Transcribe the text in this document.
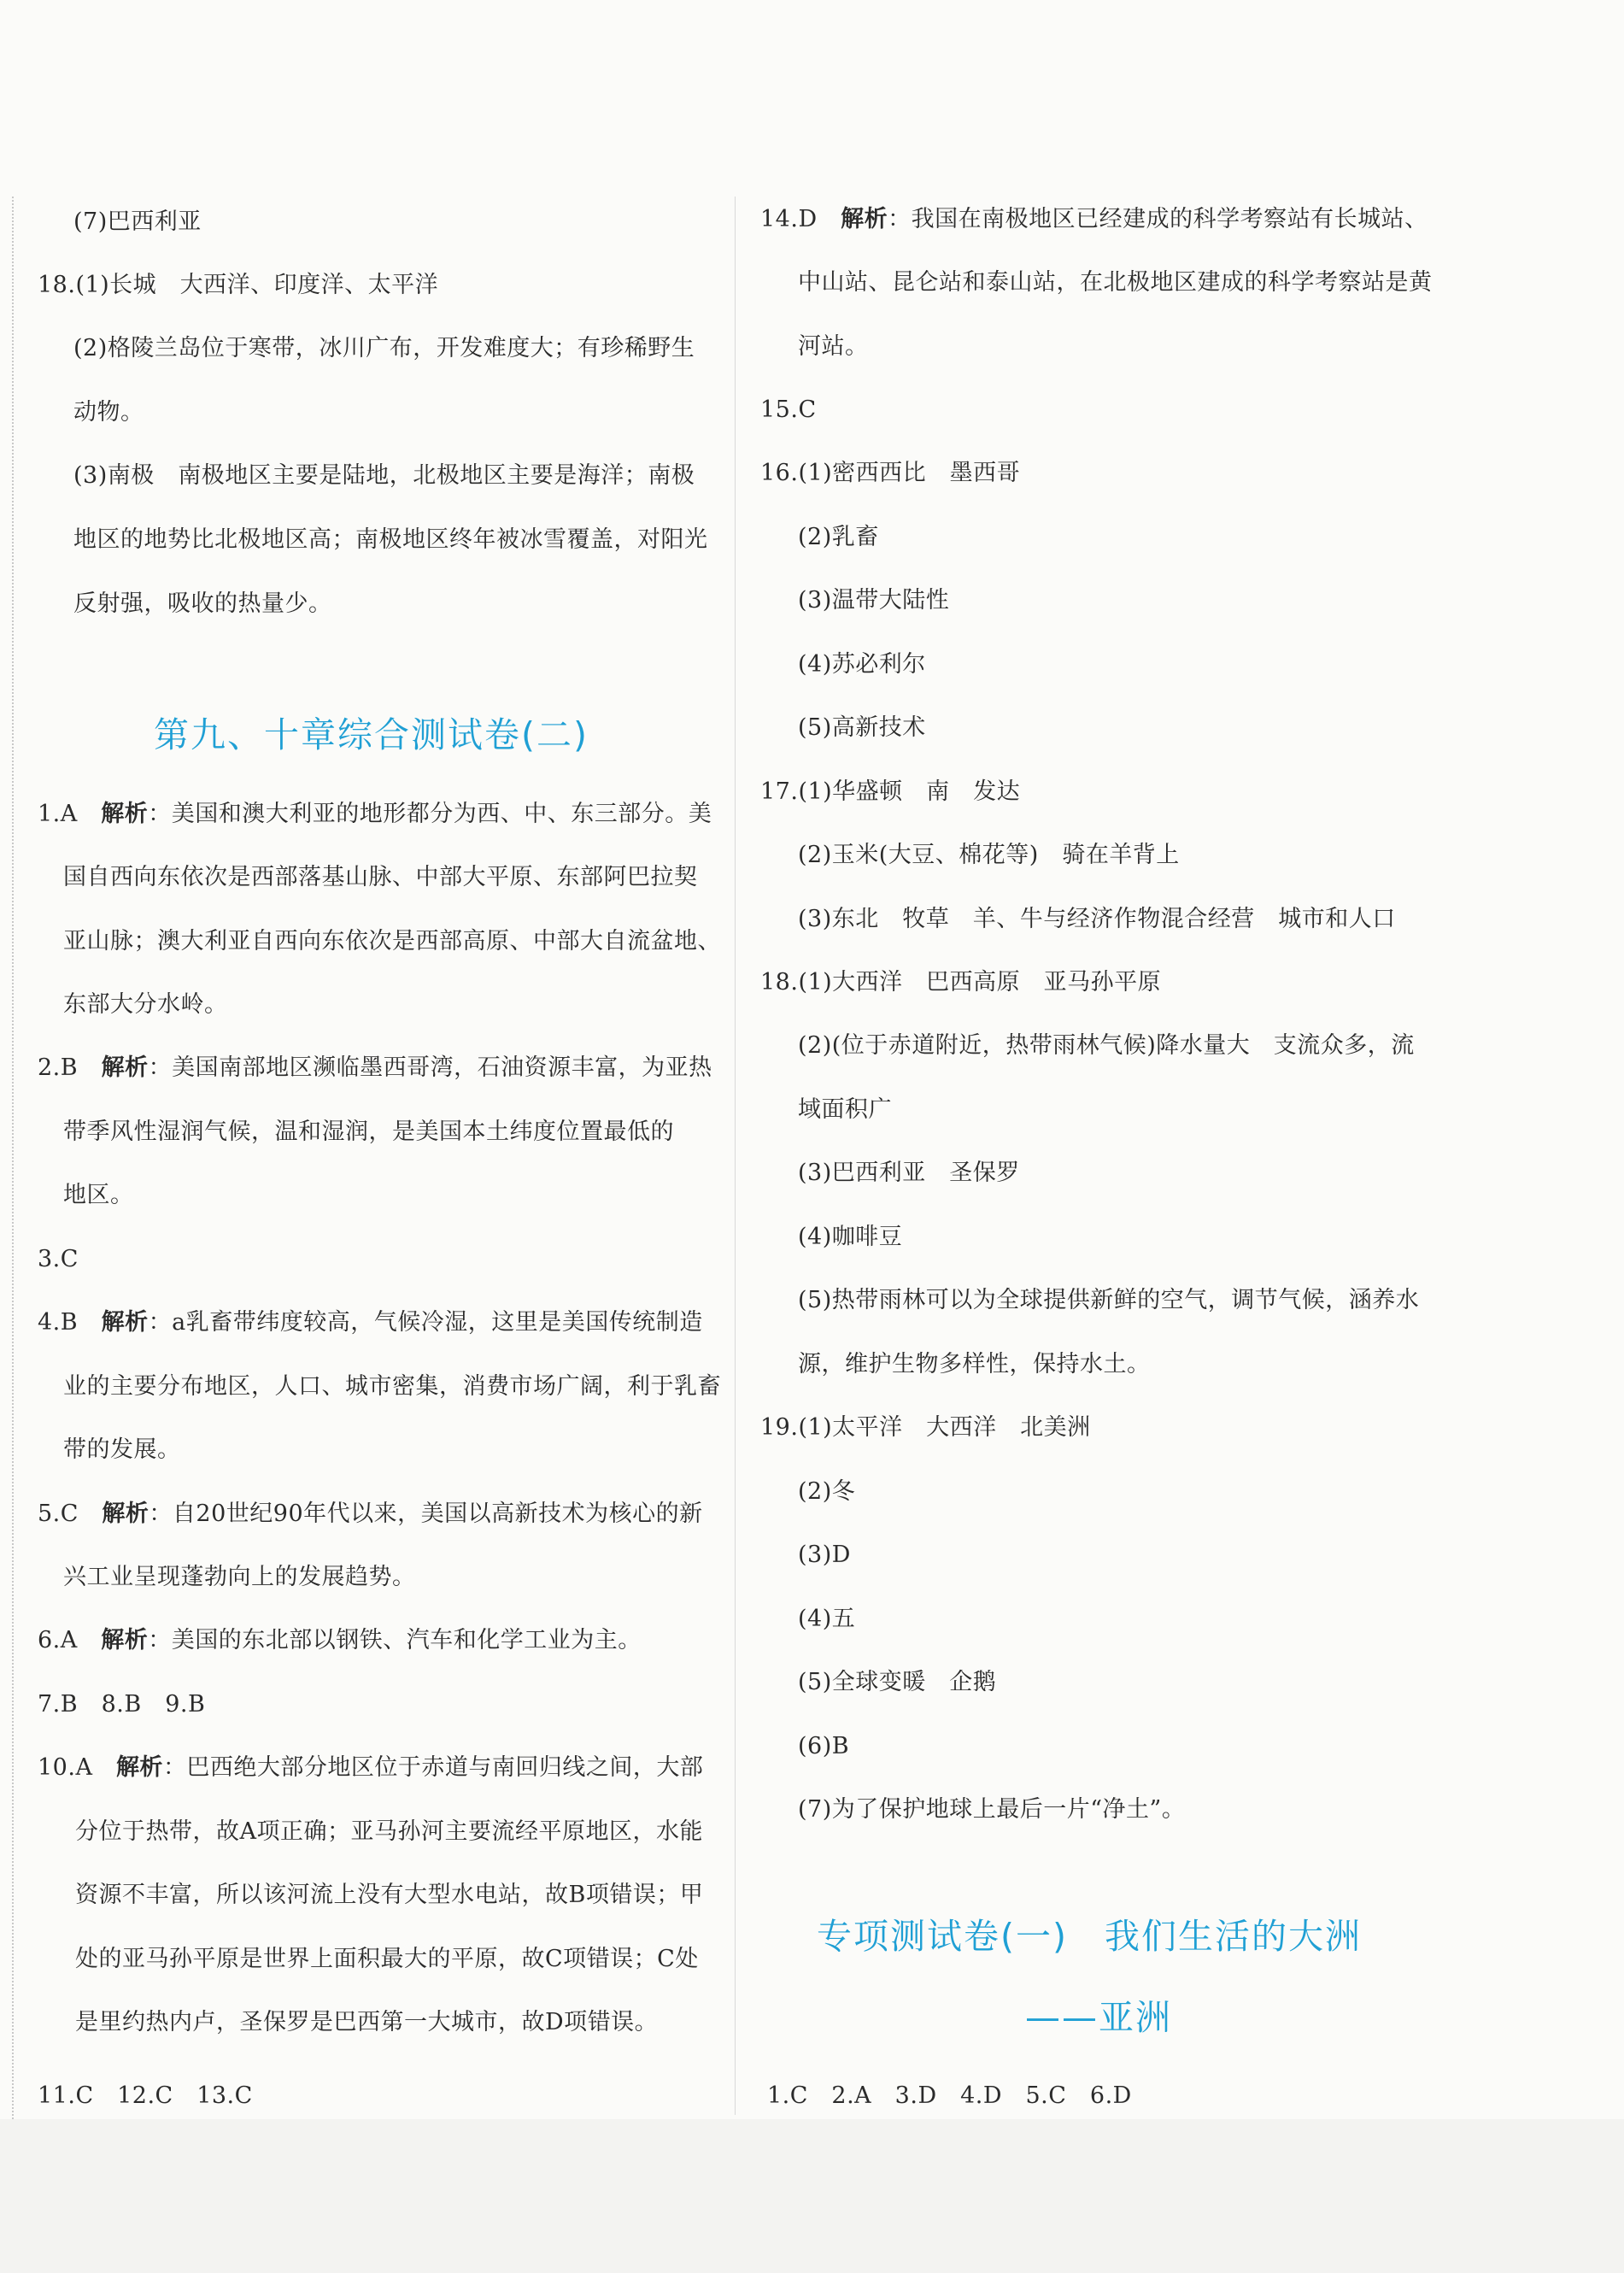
(7)巴西利亚
18.(1)长城　大西洋、印度洋、太平洋
(2)格陵兰岛位于寒带，冰川广布，开发难度大；有珍稀野生
动物。
(3)南极　南极地区主要是陆地，北极地区主要是海洋；南极
地区的地势比北极地区高；南极地区终年被冰雪覆盖，对阳光
反射强，吸收的热量少。
第九、十章综合测试卷(二)
1.A　解析：美国和澳大利亚的地形都分为西、中、东三部分。美
国自西向东依次是西部落基山脉、中部大平原、东部阿巴拉契
亚山脉；澳大利亚自西向东依次是西部高原、中部大自流盆地、
东部大分水岭。
2.B　解析：美国南部地区濒临墨西哥湾，石油资源丰富，为亚热
带季风性湿润气候，温和湿润，是美国本土纬度位置最低的
地区。
3.C
4.B　解析：a乳畜带纬度较高，气候冷湿，这里是美国传统制造
业的主要分布地区，人口、城市密集，消费市场广阔，利于乳畜
带的发展。
5.C　解析：自20世纪90年代以来，美国以高新技术为核心的新
兴工业呈现蓬勃向上的发展趋势。
6.A　解析：美国的东北部以钢铁、汽车和化学工业为主。
7.B　8.B　9.B
10.A　解析：巴西绝大部分地区位于赤道与南回归线之间，大部
分位于热带，故A项正确；亚马孙河主要流经平原地区，水能
资源不丰富，所以该河流上没有大型水电站，故B项错误；甲
处的亚马孙平原是世界上面积最大的平原，故C项错误；C处
是里约热内卢，圣保罗是巴西第一大城市，故D项错误。
11.C　12.C　13.C
14.D　解析：我国在南极地区已经建成的科学考察站有长城站、
中山站、昆仑站和泰山站，在北极地区建成的科学考察站是黄
河站。
15.C
16.(1)密西西比　墨西哥
(2)乳畜
(3)温带大陆性
(4)苏必利尔
(5)高新技术
17.(1)华盛顿　南　发达
(2)玉米(大豆、棉花等)　骑在羊背上
(3)东北　牧草　羊、牛与经济作物混合经营　城市和人口
18.(1)大西洋　巴西高原　亚马孙平原
(2)(位于赤道附近，热带雨林气候)降水量大　支流众多，流
域面积广
(3)巴西利亚　圣保罗
(4)咖啡豆
(5)热带雨林可以为全球提供新鲜的空气，调节气候，涵养水
源，维护生物多样性，保持水土。
19.(1)太平洋　大西洋　北美洲
(2)冬
(3)D
(4)五
(5)全球变暖　企鹅
(6)B
(7)为了保护地球上最后一片“净土”。
专项测试卷(一)　我们生活的大洲
——亚洲
1.C　2.A　3.D　4.D　5.C　6.D
